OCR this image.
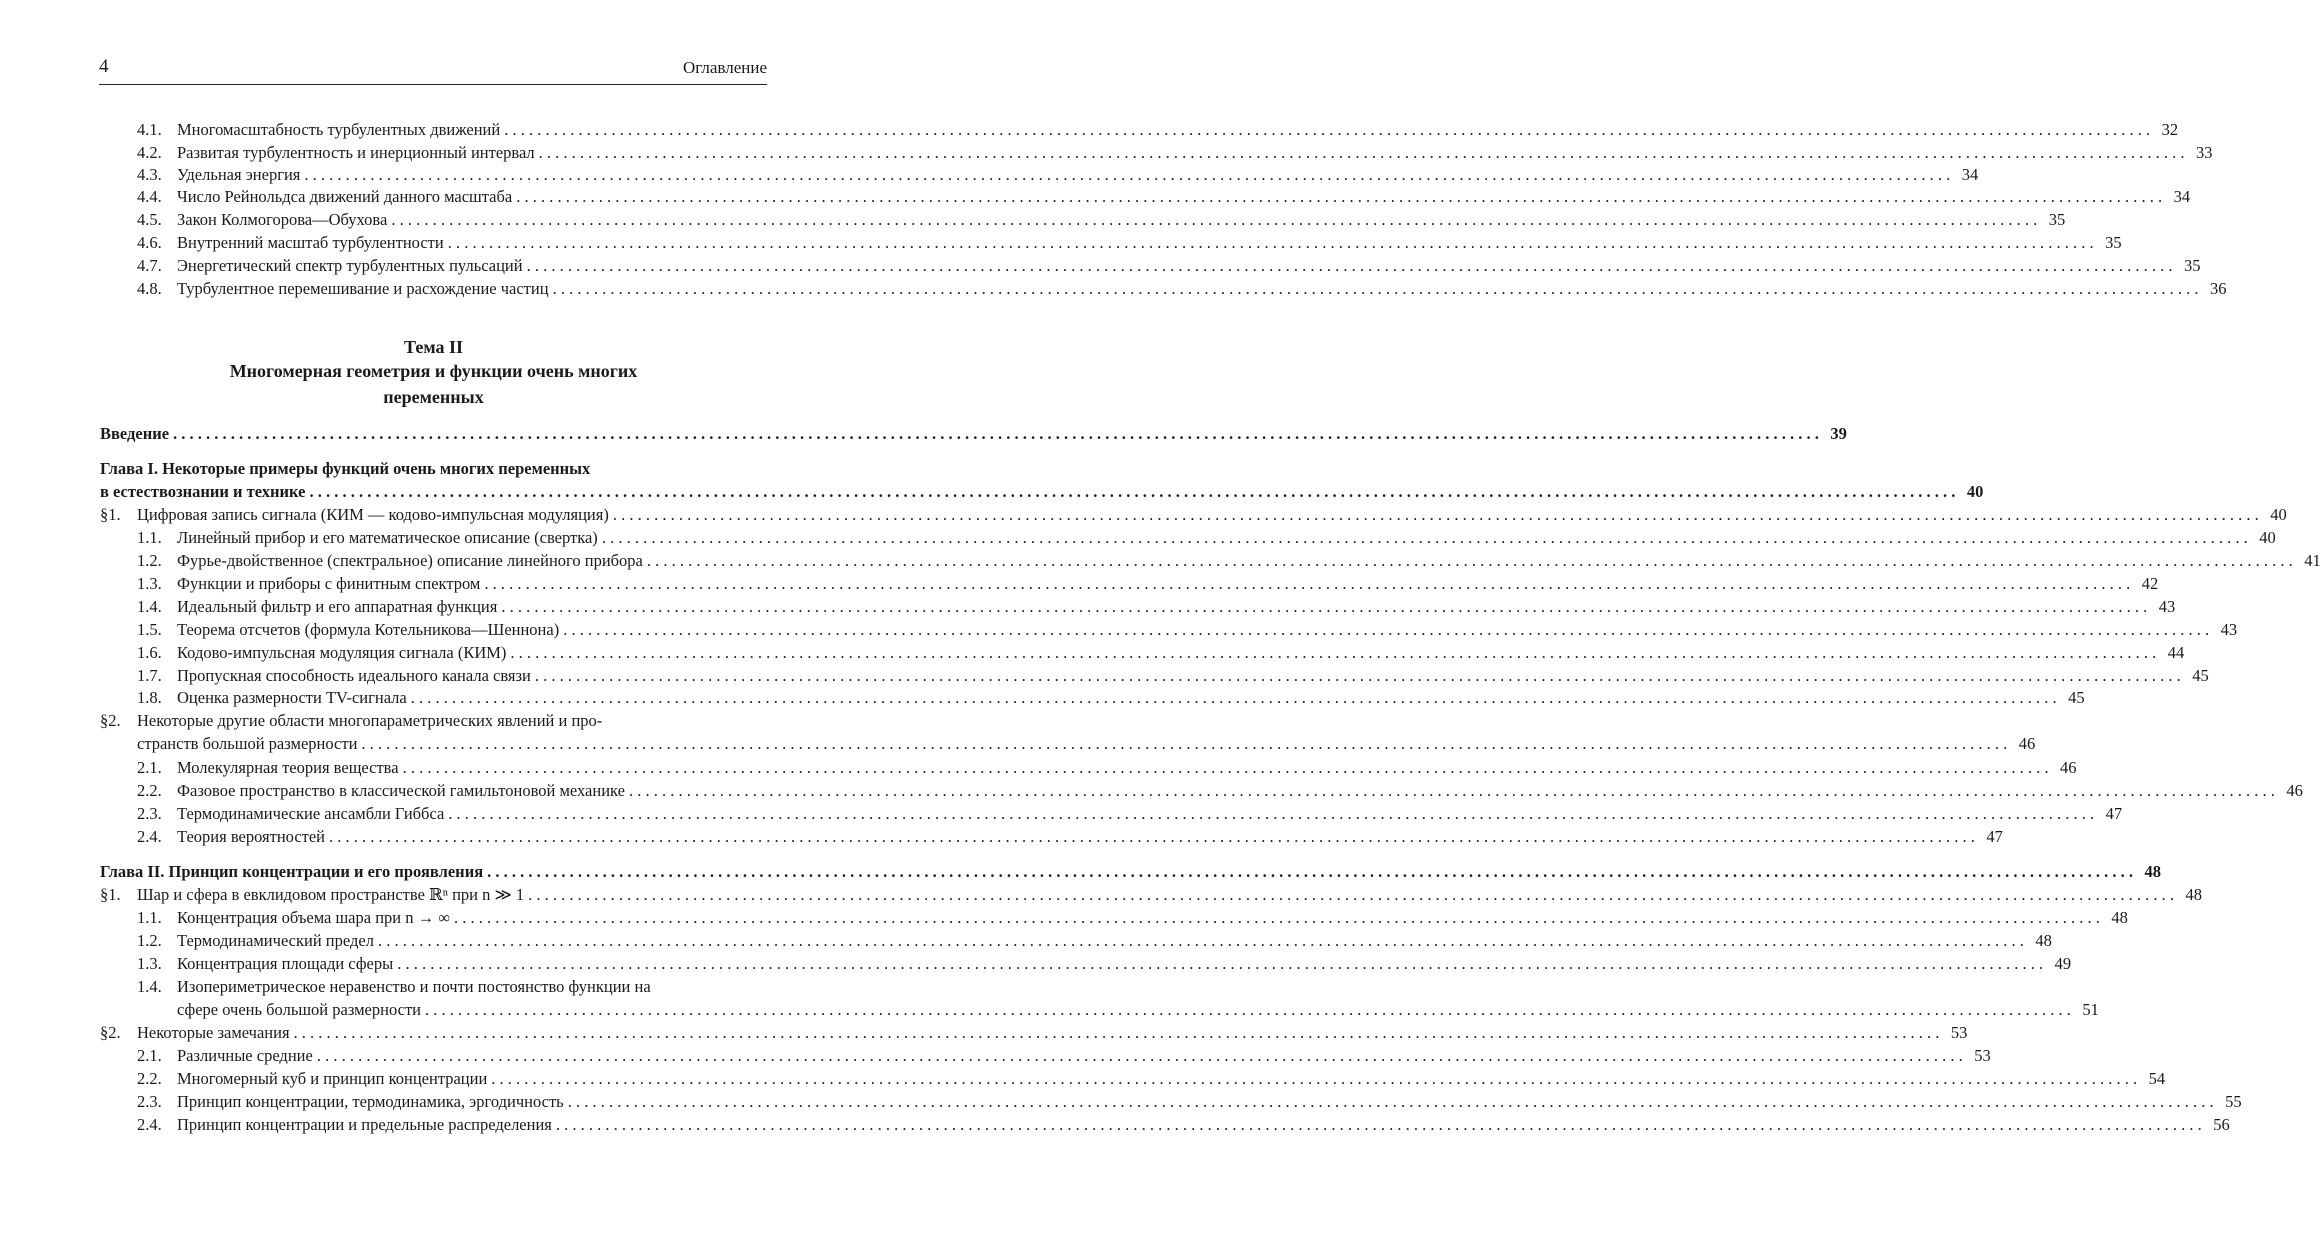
4	Оглавление
Тема II
Многомерная геометрия и функции очень многих
переменных
4.1. Многомасштабность турбулентных движений . . . . . . . . . . . . . . . . . . . . . . . . . . . . . . . . . . . . . . . . . . . . . . . . . . . . . . . . . . . . . . . . . . . . . . . . . . . . . . . . . . . . . . . . . . . . . . . . . . . . . . . . . . . . . . . . . . . . . . . . . . . . . . . . . . . . . . . . . . . . . . . . . . . . . . . . . . . . . . . . . . . . . . . . . . . . . . . . . . . . . . . . . . . . . . . . . . . . . . . . 32
4.2. Развитая турбулентность и инерционный интервал . . . . . . . . . . . . . . . . . . . . . . . . . . . . . . . . . . . . . . . . . . . . . . . . . . . . . . . . . . . . . . . . . . . . . . . . . . . . . . . . . . . . . . . . . . . . . . . . . . . . . . . . . . . . . . . . . . . . . . . . . . . . . . . . . . . . . . . . . . . . . . . . . . . . . . . . . . . . . . . . . . . . . . . . . . . . . . . . . . . . . . . . . . . . . . . . . . . . . . . . 33
4.3. Удельная энергия . . . . . . . . . . . . . . . . . . . . . . . . . . . . . . . . . . . . . . . . . . . . . . . . . . . . . . . . . . . . . . . . . . . . . . . . . . . . . . . . . . . . . . . . . . . . . . . . . . . . . . . . . . . . . . . . . . . . . . . . . . . . . . . . . . . . . . . . . . . . . . . . . . . . . . . . . . . . . . . . . . . . . . . . . . . . . . . . . . . . . . . . . . . . . . . . . . . . . . . . 34
4.4. Число Рейнольдса движений данного масштаба . . . . . . . . . . . . . . . . . . . . . . . . . . . . . . . . . . . . . . . . . . . . . . . . . . . . . . . . . . . . . . . . . . . . . . . . . . . . . . . . . . . . . . . . . . . . . . . . . . . . . . . . . . . . . . . . . . . . . . . . . . . . . . . . . . . . . . . . . . . . . . . . . . . . . . . . . . . . . . . . . . . . . . . . . . . . . . . . . . . . . . . . . . . . . . . . . . . . . . . . 34
4.5. Закон Колмогорова—Обухова . . . . . . . . . . . . . . . . . . . . . . . . . . . . . . . . . . . . . . . . . . . . . . . . . . . . . . . . . . . . . . . . . . . . . . . . . . . . . . . . . . . . . . . . . . . . . . . . . . . . . . . . . . . . . . . . . . . . . . . . . . . . . . . . . . . . . . . . . . . . . . . . . . . . . . . . . . . . . . . . . . . . . . . . . . . . . . . . . . . . . . . . . . . . . . . . . . . . . . . . 35
4.6. Внутренний масштаб турбулентности . . . . . . . . . . . . . . . . . . . . . . . . . . . . . . . . . . . . . . . . . . . . . . . . . . . . . . . . . . . . . . . . . . . . . . . . . . . . . . . . . . . . . . . . . . . . . . . . . . . . . . . . . . . . . . . . . . . . . . . . . . . . . . . . . . . . . . . . . . . . . . . . . . . . . . . . . . . . . . . . . . . . . . . . . . . . . . . . . . . . . . . . . . . . . . . . . . . . . . . . 35
4.7. Энергетический спектр турбулентных пульсаций . . . . . . . . . . . . . . . . . . . . . . . . . . . . . . . . . . . . . . . . . . . . . . . . . . . . . . . . . . . . . . . . . . . . . . . . . . . . . . . . . . . . . . . . . . . . . . . . . . . . . . . . . . . . . . . . . . . . . . . . . . . . . . . . . . . . . . . . . . . . . . . . . . . . . . . . . . . . . . . . . . . . . . . . . . . . . . . . . . . . . . . . . . . . . . . . . . . . . . . . 35
4.8. Турбулентное перемешивание и расхождение частиц . . . . . . . . . . . . . . . . . . . . . . . . . . . . . . . . . . . . . . . . . . . . . . . . . . . . . . . . . . . . . . . . . . . . . . . . . . . . . . . . . . . . . . . . . . . . . . . . . . . . . . . . . . . . . . . . . . . . . . . . . . . . . . . . . . . . . . . . . . . . . . . . . . . . . . . . . . . . . . . . . . . . . . . . . . . . . . . . . . . . . . . . . . . . . . . . . . . . . . . . 36
Введение . . . . . . . . . . . . . . . . . . . . . . . . . . . . . . . . . . . . . . . . . . . . . . . . . . . . . . . . . . . . . . . . . . . . . . . . . . . . . . . . . . . . . . . . . . . . . . . . . . . . . . . . . . . . . . . . . . . . . . . . . . . . . . . . . . . . . . . . . . . . . . . . . . . . . . . . . . . . . . . . . . . . . . . . . . . . . . . . . . . . . . . . . . . . . . . . . . . . . . . . 39
Глава I. Некоторые примеры функций очень многих переменных
в естествознании и технике . . . . . . . . . . . . . . . . . . . . . . . . . . . . . . . . . . . . . . . . . . . . . . . . . . . . . . . . . . . . . . . . . . . . . . . . . . . . . . . . . . . . . . . . . . . . . . . . . . . . . . . . . . . . . . . . . . . . . . . . . . . . . . . . . . . . . . . . . . . . . . . . . . . . . . . . . . . . . . . . . . . . . . . . . . . . . . . . . . . . . . . . . . . . . . . . . . . . . . . . 40
§1. Цифровая запись сигнала (КИМ — кодово-импульсная модуляция) . . . . . . . . . . . . . . . . . . . . . . . . . . . . . . . . . . . . . . . . . . . . . . . . . . . . . . . . . . . . . . . . . . . . . . . . . . . . . . . . . . . . . . . . . . . . . . . . . . . . . . . . . . . . . . . . . . . . . . . . . . . . . . . . . . . . . . . . . . . . . . . . . . . . . . . . . . . . . . . . . . . . . . . . . . . . . . . . . . . . . . . . . . . . . . . . . . . . . . . . 40
1.1. Линейный прибор и его математическое описание (свертка) . . . . . . . . . . . . . . . . . . . . . . . . . . . . . . . . . . . . . . . . . . . . . . . . . . . . . . . . . . . . . . . . . . . . . . . . . . . . . . . . . . . . . . . . . . . . . . . . . . . . . . . . . . . . . . . . . . . . . . . . . . . . . . . . . . . . . . . . . . . . . . . . . . . . . . . . . . . . . . . . . . . . . . . . . . . . . . . . . . . . . . . . . . . . . . . . . . . . . . . . 40
1.2. Фурье-двойственное (спектральное) описание линейного прибора . . . . . . . . . . . . . . . . . . . . . . . . . . . . . . . . . . . . . . . . . . . . . . . . . . . . . . . . . . . . . . . . . . . . . . . . . . . . . . . . . . . . . . . . . . . . . . . . . . . . . . . . . . . . . . . . . . . . . . . . . . . . . . . . . . . . . . . . . . . . . . . . . . . . . . . . . . . . . . . . . . . . . . . . . . . . . . . . . . . . . . . . . . . . . . . . . . . . . . . . 41
1.3. Функции и приборы с финитным спектром . . . . . . . . . . . . . . . . . . . . . . . . . . . . . . . . . . . . . . . . . . . . . . . . . . . . . . . . . . . . . . . . . . . . . . . . . . . . . . . . . . . . . . . . . . . . . . . . . . . . . . . . . . . . . . . . . . . . . . . . . . . . . . . . . . . . . . . . . . . . . . . . . . . . . . . . . . . . . . . . . . . . . . . . . . . . . . . . . . . . . . . . . . . . . . . . . . . . . . . . 42
1.4. Идеальный фильтр и его аппаратная функция . . . . . . . . . . . . . . . . . . . . . . . . . . . . . . . . . . . . . . . . . . . . . . . . . . . . . . . . . . . . . . . . . . . . . . . . . . . . . . . . . . . . . . . . . . . . . . . . . . . . . . . . . . . . . . . . . . . . . . . . . . . . . . . . . . . . . . . . . . . . . . . . . . . . . . . . . . . . . . . . . . . . . . . . . . . . . . . . . . . . . . . . . . . . . . . . . . . . . . . . 43
1.5. Теорема отсчетов (формула Котельникова—Шеннона) . . . . . . . . . . . . . . . . . . . . . . . . . . . . . . . . . . . . . . . . . . . . . . . . . . . . . . . . . . . . . . . . . . . . . . . . . . . . . . . . . . . . . . . . . . . . . . . . . . . . . . . . . . . . . . . . . . . . . . . . . . . . . . . . . . . . . . . . . . . . . . . . . . . . . . . . . . . . . . . . . . . . . . . . . . . . . . . . . . . . . . . . . . . . . . . . . . . . . . . . 43
1.6. Кодово-импульсная модуляция сигнала (КИМ) . . . . . . . . . . . . . . . . . . . . . . . . . . . . . . . . . . . . . . . . . . . . . . . . . . . . . . . . . . . . . . . . . . . . . . . . . . . . . . . . . . . . . . . . . . . . . . . . . . . . . . . . . . . . . . . . . . . . . . . . . . . . . . . . . . . . . . . . . . . . . . . . . . . . . . . . . . . . . . . . . . . . . . . . . . . . . . . . . . . . . . . . . . . . . . . . . . . . . . . . 44
1.7. Пропускная способность идеального канала связи . . . . . . . . . . . . . . . . . . . . . . . . . . . . . . . . . . . . . . . . . . . . . . . . . . . . . . . . . . . . . . . . . . . . . . . . . . . . . . . . . . . . . . . . . . . . . . . . . . . . . . . . . . . . . . . . . . . . . . . . . . . . . . . . . . . . . . . . . . . . . . . . . . . . . . . . . . . . . . . . . . . . . . . . . . . . . . . . . . . . . . . . . . . . . . . . . . . . . . . . 45
1.8. Оценка размерности TV-сигнала . . . . . . . . . . . . . . . . . . . . . . . . . . . . . . . . . . . . . . . . . . . . . . . . . . . . . . . . . . . . . . . . . . . . . . . . . . . . . . . . . . . . . . . . . . . . . . . . . . . . . . . . . . . . . . . . . . . . . . . . . . . . . . . . . . . . . . . . . . . . . . . . . . . . . . . . . . . . . . . . . . . . . . . . . . . . . . . . . . . . . . . . . . . . . . . . . . . . . . . . 45
§2. Некоторые другие области многопараметрических явлений и про-
странств большой размерности . . . . . . . . . . . . . . . . . . . . . . . . . . . . . . . . . . . . . . . . . . . . . . . . . . . . . . . . . . . . . . . . . . . . . . . . . . . . . . . . . . . . . . . . . . . . . . . . . . . . . . . . . . . . . . . . . . . . . . . . . . . . . . . . . . . . . . . . . . . . . . . . . . . . . . . . . . . . . . . . . . . . . . . . . . . . . . . . . . . . . . . . . . . . . . . . . . . . . . . . 46
2.1. Молекулярная теория вещества . . . . . . . . . . . . . . . . . . . . . . . . . . . . . . . . . . . . . . . . . . . . . . . . . . . . . . . . . . . . . . . . . . . . . . . . . . . . . . . . . . . . . . . . . . . . . . . . . . . . . . . . . . . . . . . . . . . . . . . . . . . . . . . . . . . . . . . . . . . . . . . . . . . . . . . . . . . . . . . . . . . . . . . . . . . . . . . . . . . . . . . . . . . . . . . . . . . . . . . . 46
2.2. Фазовое пространство в классической гамильтоновой механике . . . . . . . . . . . . . . . . . . . . . . . . . . . . . . . . . . . . . . . . . . . . . . . . . . . . . . . . . . . . . . . . . . . . . . . . . . . . . . . . . . . . . . . . . . . . . . . . . . . . . . . . . . . . . . . . . . . . . . . . . . . . . . . . . . . . . . . . . . . . . . . . . . . . . . . . . . . . . . . . . . . . . . . . . . . . . . . . . . . . . . . . . . . . . . . . . . . . . . . . 46
2.3. Термодинамические ансамбли Гиббса . . . . . . . . . . . . . . . . . . . . . . . . . . . . . . . . . . . . . . . . . . . . . . . . . . . . . . . . . . . . . . . . . . . . . . . . . . . . . . . . . . . . . . . . . . . . . . . . . . . . . . . . . . . . . . . . . . . . . . . . . . . . . . . . . . . . . . . . . . . . . . . . . . . . . . . . . . . . . . . . . . . . . . . . . . . . . . . . . . . . . . . . . . . . . . . . . . . . . . . . 47
2.4. Теория вероятностей . . . . . . . . . . . . . . . . . . . . . . . . . . . . . . . . . . . . . . . . . . . . . . . . . . . . . . . . . . . . . . . . . . . . . . . . . . . . . . . . . . . . . . . . . . . . . . . . . . . . . . . . . . . . . . . . . . . . . . . . . . . . . . . . . . . . . . . . . . . . . . . . . . . . . . . . . . . . . . . . . . . . . . . . . . . . . . . . . . . . . . . . . . . . . . . . . . . . . . . . 47
Глава II. Принцип концентрации и его проявления . . . . . . . . . . . . . . . . . . . . . . . . . . . . . . . . . . . . . . . . . . . . . . . . . . . . . . . . . . . . . . . . . . . . . . . . . . . . . . . . . . . . . . . . . . . . . . . . . . . . . . . . . . . . . . . . . . . . . . . . . . . . . . . . . . . . . . . . . . . . . . . . . . . . . . . . . . . . . . . . . . . . . . . . . . . . . . . . . . . . . . . . . . . . . . . . . . . . . . . . 48
§1. Шар и сфера в евклидовом пространстве ℝⁿ при n ≫ 1 . . . . . . . . . . . . . . . . . . . . . . . . . . . . . . . . . . . . . . . . . . . . . . . . . . . . . . . . . . . . . . . . . . . . . . . . . . . . . . . . . . . . . . . . . . . . . . . . . . . . . . . . . . . . . . . . . . . . . . . . . . . . . . . . . . . . . . . . . . . . . . . . . . . . . . . . . . . . . . . . . . . . . . . . . . . . . . . . . . . . . . . . . . . . . . . . . . . . . . . . 48
1.1. Концентрация объема шара при n → ∞ . . . . . . . . . . . . . . . . . . . . . . . . . . . . . . . . . . . . . . . . . . . . . . . . . . . . . . . . . . . . . . . . . . . . . . . . . . . . . . . . . . . . . . . . . . . . . . . . . . . . . . . . . . . . . . . . . . . . . . . . . . . . . . . . . . . . . . . . . . . . . . . . . . . . . . . . . . . . . . . . . . . . . . . . . . . . . . . . . . . . . . . . . . . . . . . . . . . . . . . . 48
1.2. Термодинамический предел . . . . . . . . . . . . . . . . . . . . . . . . . . . . . . . . . . . . . . . . . . . . . . . . . . . . . . . . . . . . . . . . . . . . . . . . . . . . . . . . . . . . . . . . . . . . . . . . . . . . . . . . . . . . . . . . . . . . . . . . . . . . . . . . . . . . . . . . . . . . . . . . . . . . . . . . . . . . . . . . . . . . . . . . . . . . . . . . . . . . . . . . . . . . . . . . . . . . . . . . 48
1.3. Концентрация площади сферы . . . . . . . . . . . . . . . . . . . . . . . . . . . . . . . . . . . . . . . . . . . . . . . . . . . . . . . . . . . . . . . . . . . . . . . . . . . . . . . . . . . . . . . . . . . . . . . . . . . . . . . . . . . . . . . . . . . . . . . . . . . . . . . . . . . . . . . . . . . . . . . . . . . . . . . . . . . . . . . . . . . . . . . . . . . . . . . . . . . . . . . . . . . . . . . . . . . . . . . . 49
1.4. Изопериметрическое неравенство и почти постоянство функции на
сфере очень большой размерности . . . . . . . . . . . . . . . . . . . . . . . . . . . . . . . . . . . . . . . . . . . . . . . . . . . . . . . . . . . . . . . . . . . . . . . . . . . . . . . . . . . . . . . . . . . . . . . . . . . . . . . . . . . . . . . . . . . . . . . . . . . . . . . . . . . . . . . . . . . . . . . . . . . . . . . . . . . . . . . . . . . . . . . . . . . . . . . . . . . . . . . . . . . . . . . . . . . . . . . . 51
§2. Некоторые замечания . . . . . . . . . . . . . . . . . . . . . . . . . . . . . . . . . . . . . . . . . . . . . . . . . . . . . . . . . . . . . . . . . . . . . . . . . . . . . . . . . . . . . . . . . . . . . . . . . . . . . . . . . . . . . . . . . . . . . . . . . . . . . . . . . . . . . . . . . . . . . . . . . . . . . . . . . . . . . . . . . . . . . . . . . . . . . . . . . . . . . . . . . . . . . . . . . . . . . . . . 53
2.1. Различные средние . . . . . . . . . . . . . . . . . . . . . . . . . . . . . . . . . . . . . . . . . . . . . . . . . . . . . . . . . . . . . . . . . . . . . . . . . . . . . . . . . . . . . . . . . . . . . . . . . . . . . . . . . . . . . . . . . . . . . . . . . . . . . . . . . . . . . . . . . . . . . . . . . . . . . . . . . . . . . . . . . . . . . . . . . . . . . . . . . . . . . . . . . . . . . . . . . . . . . . . . 53
2.2. Многомерный куб и принцип концентрации . . . . . . . . . . . . . . . . . . . . . . . . . . . . . . . . . . . . . . . . . . . . . . . . . . . . . . . . . . . . . . . . . . . . . . . . . . . . . . . . . . . . . . . . . . . . . . . . . . . . . . . . . . . . . . . . . . . . . . . . . . . . . . . . . . . . . . . . . . . . . . . . . . . . . . . . . . . . . . . . . . . . . . . . . . . . . . . . . . . . . . . . . . . . . . . . . . . . . . . . 54
2.3. Принцип концентрации, термодинамика, эргодичность . . . . . . . . . . . . . . . . . . . . . . . . . . . . . . . . . . . . . . . . . . . . . . . . . . . . . . . . . . . . . . . . . . . . . . . . . . . . . . . . . . . . . . . . . . . . . . . . . . . . . . . . . . . . . . . . . . . . . . . . . . . . . . . . . . . . . . . . . . . . . . . . . . . . . . . . . . . . . . . . . . . . . . . . . . . . . . . . . . . . . . . . . . . . . . . . . . . . . . . . 55
2.4. Принцип концентрации и предельные распределения . . . . . . . . . . . . . . . . . . . . . . . . . . . . . . . . . . . . . . . . . . . . . . . . . . . . . . . . . . . . . . . . . . . . . . . . . . . . . . . . . . . . . . . . . . . . . . . . . . . . . . . . . . . . . . . . . . . . . . . . . . . . . . . . . . . . . . . . . . . . . . . . . . . . . . . . . . . . . . . . . . . . . . . . . . . . . . . . . . . . . . . . . . . . . . . . . . . . . . . . 56
